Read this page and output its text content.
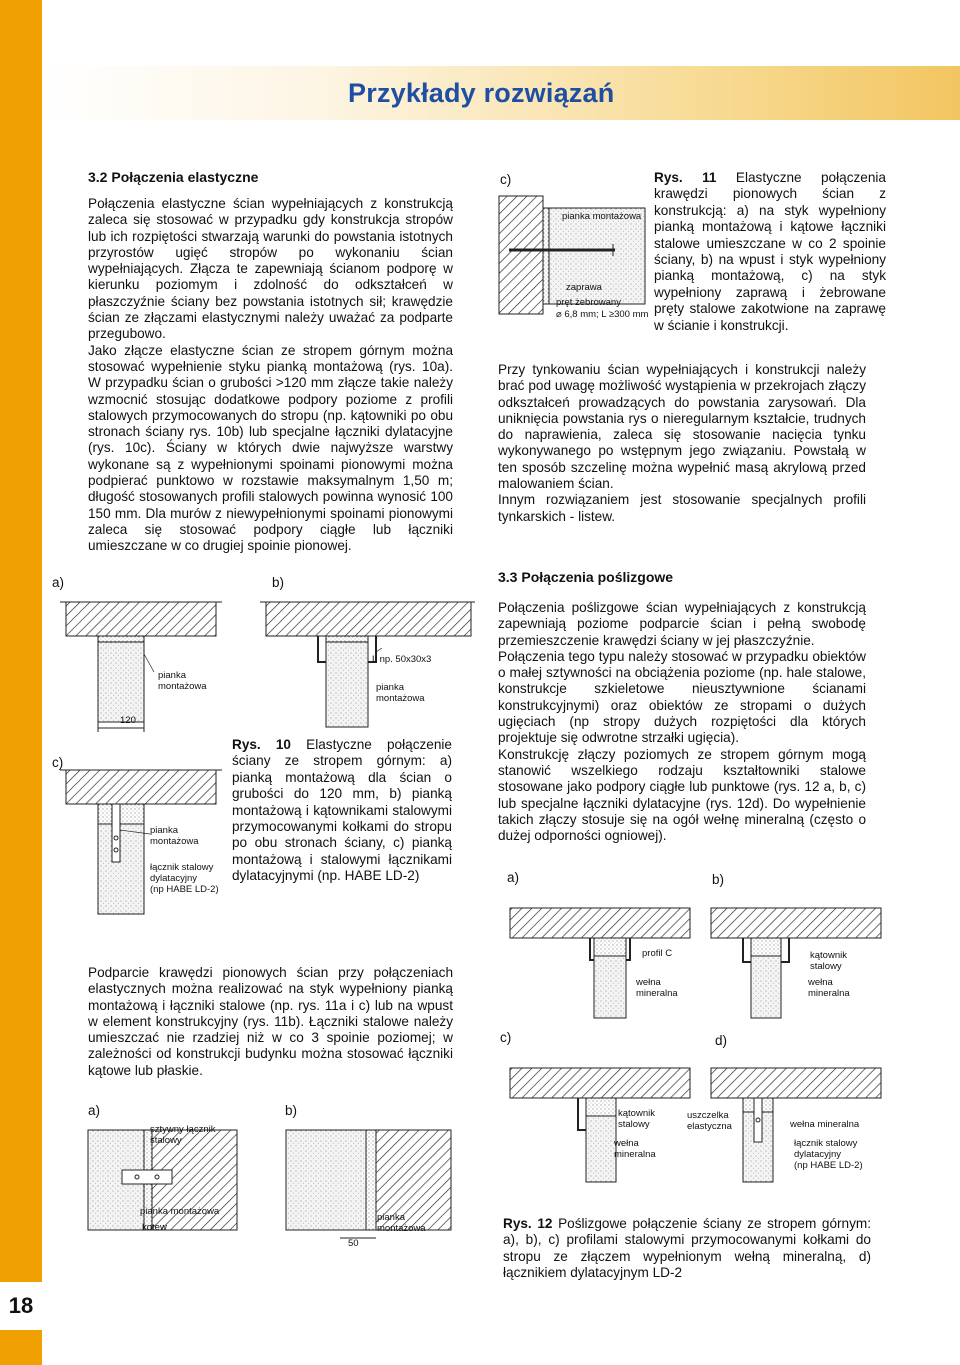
18
Przykłady rozwiązań
3.2 Połączenia elastyczne

Połączenia elastyczne ścian wypełniających z konstrukcją zaleca się stosować w przypadku gdy konstrukcja stropów lub ich rozpiętości stwarzają warunki do powstania istotnych przyrostów ugięć stropów po wykonaniu ścian wypełniających. Złącza te zapewniają ścianom podporę w kierunku poziomym i zdolność do odkształceń w płaszczyźnie ściany bez powstania istotnych sił; krawędzie ścian ze złączami elastycznymi należy uważać za podparte przegubowo.

Jako złącze elastyczne ścian ze stropem górnym można stosować wypełnienie styku pianką montażową (rys. 10a). W przypadku ścian o grubości >120 mm złącze takie należy wzmocnić stosując dodatkowe podpory poziome z profili stalowych przymocowanych do stropu (np. kątowniki po obu stronach ściany rys. 10b) lub specjalne łączniki dylatacyjne (rys. 10c). Ściany w których dwie najwyższe warstwy wykonane są z wypełnionymi spoinami pionowymi można podpierać punktowo w rozstawie maksymalnym 1,50 m; długość stosowanych profili stalowych powinna wynosić 100 150 mm. Dla murów z niewypełnionymi spoinami pionowymi zaleca się stosować podpory ciągłe lub łączniki umieszczane w co drugiej spoinie pionowej.

a)	b)
c)
pianka
montażowa
120
L np. 50x30x3
pianka
montażowa
pianka
montażowa
łącznik stalowy
dylatacyjny
(np HABE LD-2)
Rys. 10 Elastyczne połączenie ściany ze stropem górnym: a) pianką montażową dla ścian o grubości do 120 mm, b) pianką montażową i kątownikami stalowymi przymocowanymi kołkami do stropu po obu stronach ściany, c) pianką montażową i stalowymi łącznikami dylatacyjnymi (np. HABE LD-2)
Podparcie krawędzi pionowych ścian przy połączeniach elastycznych można realizować na styk wypełniony pianką montażową i łączniki stalowe (np. rys. 11a i c) lub na wpust w element konstrukcyjny (rys. 11b). Łączniki stalowe należy umieszczać nie rzadziej niż w co 3 spoinie poziomej; w zależności od konstrukcji budynku można stosować łączniki kątowe lub płaskie.
a)	b)
sztywny łącznik
stalowy
pianka montażowa
kotew
pianka
montażowa
50
c)
pianka montażowa
zaprawa
pręt żebrowany
⌀ 6,8 mm; L ≥300 mm
Rys. 11 Elastyczne połączenia krawędzi pionowych ścian z konstrukcją: a) na styk wypełniony pianką montażową i kątowe łączniki stalowe umieszczane w co 2 spoinie ściany, b) na wpust i styk wypełniony pianką montażową, c) na styk wypełniony zaprawą i żebrowane pręty stalowe zakotwione na zaprawę w ścianie i konstrukcji.

Przy tynkowaniu ścian wypełniających i konstrukcji należy brać pod uwagę możliwość wystąpienia w przekrojach złączy odkształceń prowadzących do powstania zarysowań. Dla uniknięcia powstania rys o nieregularnym kształcie, trudnych do naprawienia, zaleca się stosowanie nacięcia tynku wykonywanego po wstępnym jego związaniu. Powstałą w ten sposób szczelinę można wypełnić masą akrylową przed malowaniem ścian.

Innym rozwiązaniem jest stosowanie specjalnych profili tynkarskich - listew.

3.3 Połączenia poślizgowe

Połączenia poślizgowe ścian wypełniających z konstrukcją zapewniają poziome podparcie ścian i pełną swobodę przemieszczenie krawędzi ściany w jej płaszczyźnie.

Połączenia tego typu należy stosować w przypadku obiektów o małej sztywności na obciążenia poziome (np. hale stalowe, konstrukcje szkieletowe nieusztywnione ścianami konstrukcyjnymi) oraz obiektów ze stropami o dużych ugięciach (np stropy dużych rozpiętości dla których projektuje się odwrotne strzałki ugięcia).

Konstrukcję złączy poziomych ze stropem górnym mogą stanowić wszelkiego rodzaju kształtowniki stalowe stosowane jako podpory ciągłe lub punktowe (rys. 12 a, b, c) lub specjalne łączniki dylatacyjne (rys. 12d). Do wypełnienie takich złączy stosuje się na ogół wełnę mineralną (często o dużej odporności ogniowej).

a)	b)
c)	d)
profil C
wełna
mineralna
kątownik
stalowy
wełna
mineralna
kątownik
stalowy
wełna
mineralna
uszczelka
elastyczna	wełna mineralna
łącznik stalowy
dylatacyjny
(np HABE LD-2)
Rys. 12 Poślizgowe połączenie ściany ze stropem górnym: a), b), c) profilami stalowymi przymocowanymi kołkami do stropu ze złączem wypełnionym wełną mineralną, d) łącznikiem dylatacyjnym LD-2
